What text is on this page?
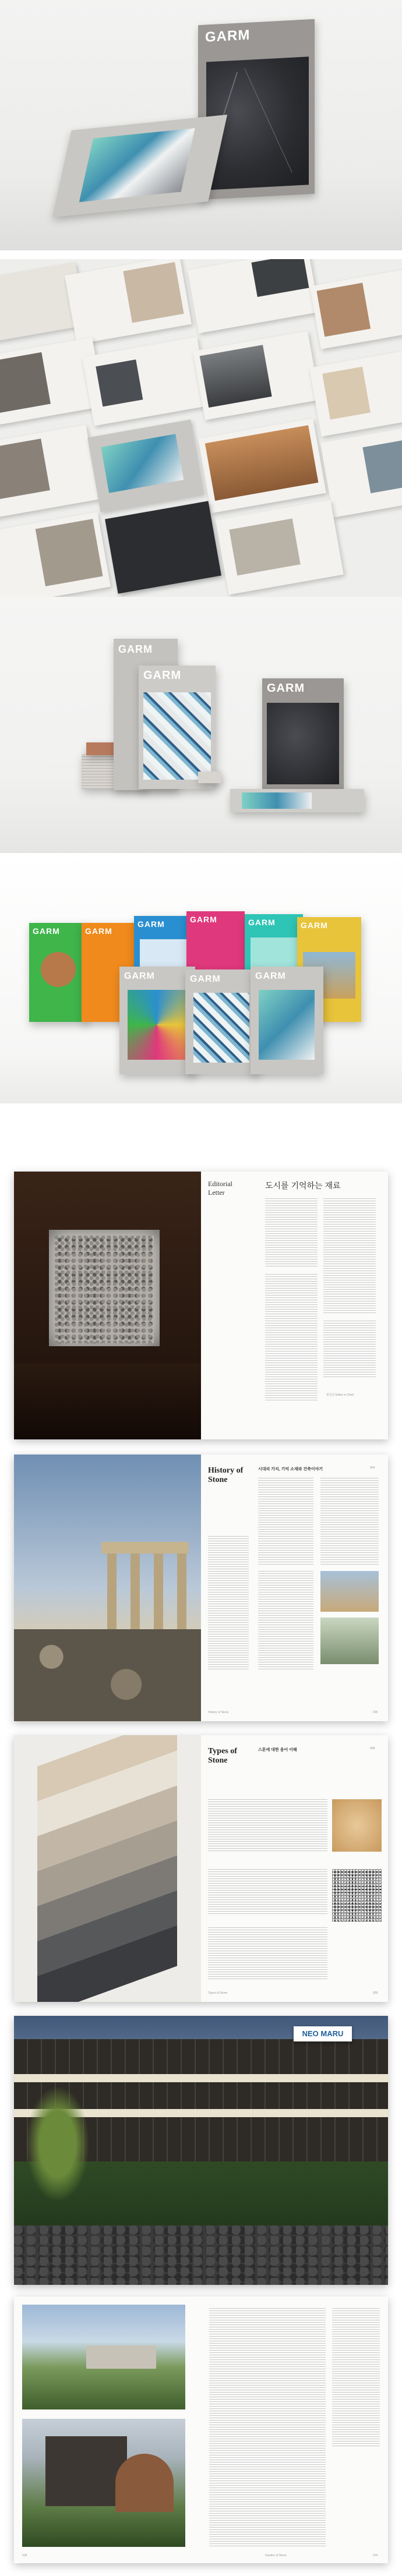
GARM
GARM
GARM
GARM
GARM	GARM
GARM	GARM	GARM	GARM
GARM	GARM	GARM
Editorial Letter
도시를 기억하는 재료
편집장 Editor in Chief
History of Stone
시대의 가치, 기억 소재와 건축이야기	004
History of Stone	005
Types of Stone
스톤에 대한 용어 이해	008
Types of Stone	009
NEO MARU
018	Garden of Stone	019
